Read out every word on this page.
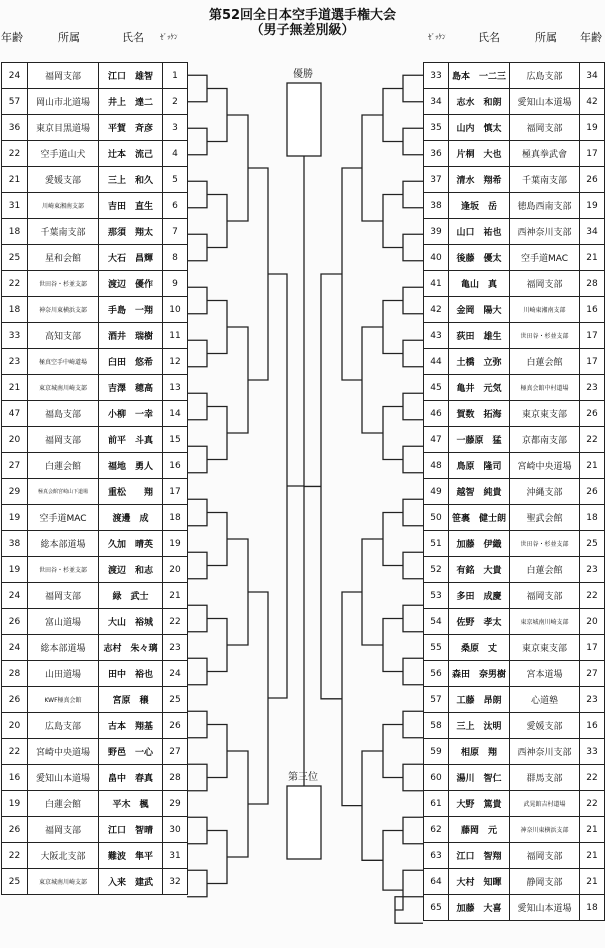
第52回全日本空手道選手権大会
（男子無差別級）
年齢	所属	氏名 ｾﾞｯｹﾝ	ｾﾞｯｹﾝ	氏名	所属 年齢
24	福岡支部	江口　雄智	1
57	岡山市北道場	井上　達二	2
36	東京目黒道場	平賀　斉彦	3
22	空手道山犬	辻本　流己	4
21	愛媛支部	三上　和久	5
31	川崎東湘南支部	吉田　直生	6
18	千葉南支部	那須　翔太	7
25	星和会館	大石　昌輝	8
22	世田谷・杉並支部	渡辺　優作	9
18	神奈川東横浜支部	手島　一翔	10
33	高知支部	酒井　瑞樹	11
23	極真空手中崎道場	臼田　悠希	12
21	東京城南川崎支部	吉澤　穂高	13
47	福島支部	小柳　一幸	14
20	福岡支部	前平　斗真	15
27	白蓮会館	福地　勇人	16
29	極真会館宮崎山下道場	重松　　翔	17
19	空手道MAC	渡邊　成	18
38	総本部道場	久加　晴英	19
19	世田谷・杉並支部	渡辺　和志	20
24	福岡支部	緑　武士	21
26	富山道場	大山　裕城	22
24	総本部道場	志村　朱々璃	23
28	山田道場	田中　裕也	24
26	KWF極真会館	宮原　穣	25
20	広島支部	古本　翔基	26
22	宮崎中央道場	野邑　一心	27
16	愛知山本道場	畠中　春真	28
19	白蓮会館	平木　楓	29
26	福岡支部	江口　智晴	30
22	大阪北支部	難波　隼平	31
25	東京城南川崎支部	入来　建武	32
33	島本　一二三	広島支部	34
34	志水　和朗	愛知山本道場	42
35	山内　慎太	福岡支部	19
36	片桐　大也	極真拳武會	17
37	清水　翔希	千葉南支部	26
38	逢坂　岳	徳島西南支部	19
39	山口　祐也	西神奈川支部	34
40	後藤　優太	空手道MAC	21
41	亀山　真	福岡支部	28
42	金岡　陽大	川崎東湘南支部	16
43	荻田　雄生	世田谷・杉並支部	17
44	土橋　立弥	白蓮会館	17
45	亀井　元気	極真会館中村道場	23
46	賀数　拓海	東京東支部	26
47	一藤原　猛	京都南支部	22
48	鳥原　隆司	宮崎中央道場	21
49	越智　純貴	沖縄支部	26
50	笹裏　健士朗	聖武会館	18
51	加藤　伊織	世田谷・杉並支部	25
52	有銘　大貴	白蓮会館	23
53	多田　成慶	福岡支部	22
54	佐野　孝太	東京城南川崎支部	20
55	桑原　丈	東京東支部	17
56	森田　奈男樹	宮本道場	27
57	工藤　昂朗	心道塾	23
58	三上　汰明	愛媛支部	16
59	相原　翔	西神奈川支部	33
60	湯川　智仁	群馬支部	22
61	大野　篤貴	武晃館吉村道場	22
62	藤岡　元	神奈川東横浜支部	21
63	江口　智翔	福岡支部	21
64	大村　知暉	静岡支部	21
65	加藤　大喜	愛知山本道場	18
優勝
第三位
